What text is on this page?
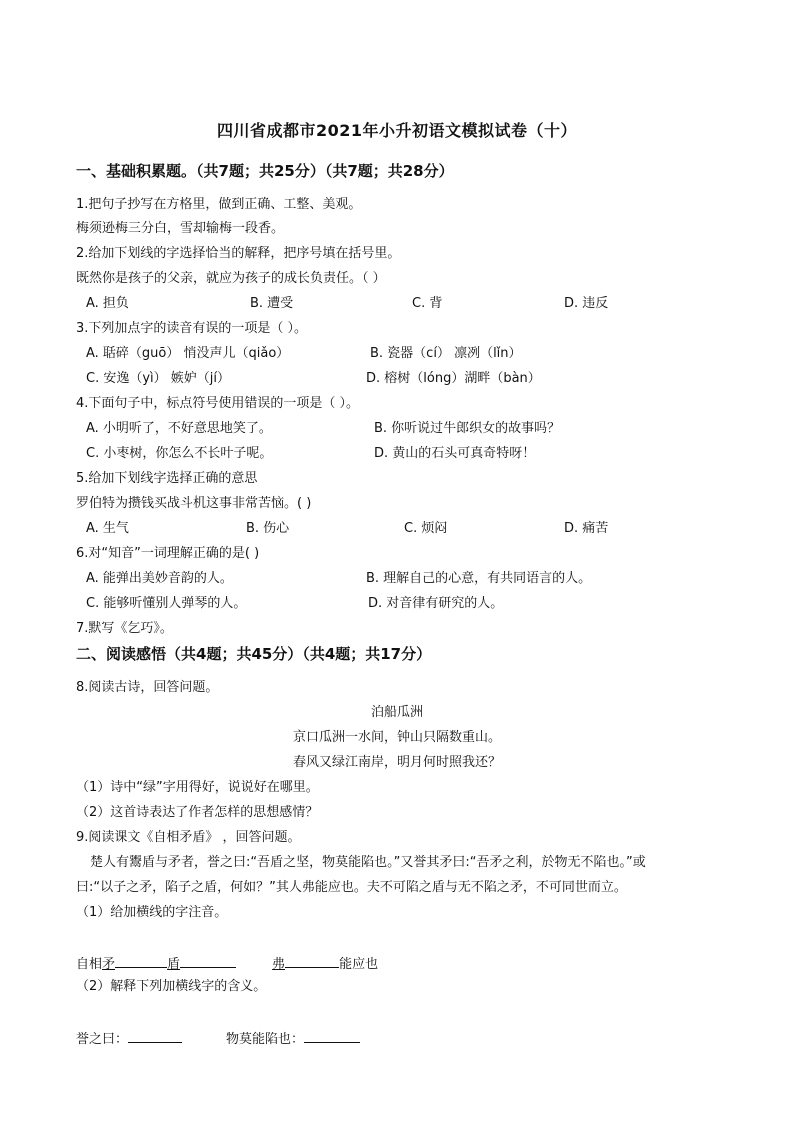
四川省成都市2021年小升初语文模拟试卷（十）
一、基础积累题。（共7题；共25分）（共7题；共28分）
1.把句子抄写在方格里，做到正确、工整、美观。
梅须逊梅三分白，雪却输梅一段香。
2.给加下划线的字选择恰当的解释，把序号填在括号里。
既然你是孩子的父亲，就应为孩子的成长负责任。（ ）
A. 担负	B. 遭受	C. 背	D. 违反
3.下列加点字的读音有误的一项是（ ）。
A. 聒碎（guō） 悄没声儿（qiǎo）	B. 瓷器（cí） 凛冽（lǐn）
C. 安逸（yì） 嫉妒（jí）	D. 榕树（lóng）湖畔（bàn）
4.下面句子中，标点符号使用错误的一项是（ ）。
A. 小明听了，不好意思地笑了。	B. 你听说过牛郎织女的故事吗？
C. 小枣树，你怎么不长叶子呢。	D. 黄山的石头可真奇特呀！
5.给加下划线字选择正确的意思
罗伯特为攒钱买战斗机这事非常苦恼。( )
A. 生气	B. 伤心	C. 烦闷	D. 痛苦
6.对“知音”一词理解正确的是( )
A. 能弹出美妙音韵的人。	B. 理解自己的心意，有共同语言的人。
C. 能够听懂别人弹琴的人。	D. 对音律有研究的人。
7.默写《乞巧》。
二、阅读感悟（共4题；共45分）（共4题；共17分）
8.阅读古诗，回答问题。
泊船瓜洲
京口瓜洲一水间，钟山只隔数重山。
春风又绿江南岸，明月何时照我还？
（1）诗中“绿”字用得好，说说好在哪里。
（2）这首诗表达了作者怎样的思想感情？
9.阅读课文《自相矛盾》 ，回答问题。
楚人有鬻盾与矛者，誉之曰:“吾盾之坚，物莫能陷也。”又誉其矛曰:“吾矛之利，於物无不陷也。”或
曰:“以子之矛，陷子之盾，何如？”其人弗能应也。夫不可陷之盾与无不陷之矛，不可同世而立。
（1）给加横线的字注音。
自相矛	盾	弗	能应也
（2）解释下列加横线字的含义。
誉之曰：	物莫能陷也：
